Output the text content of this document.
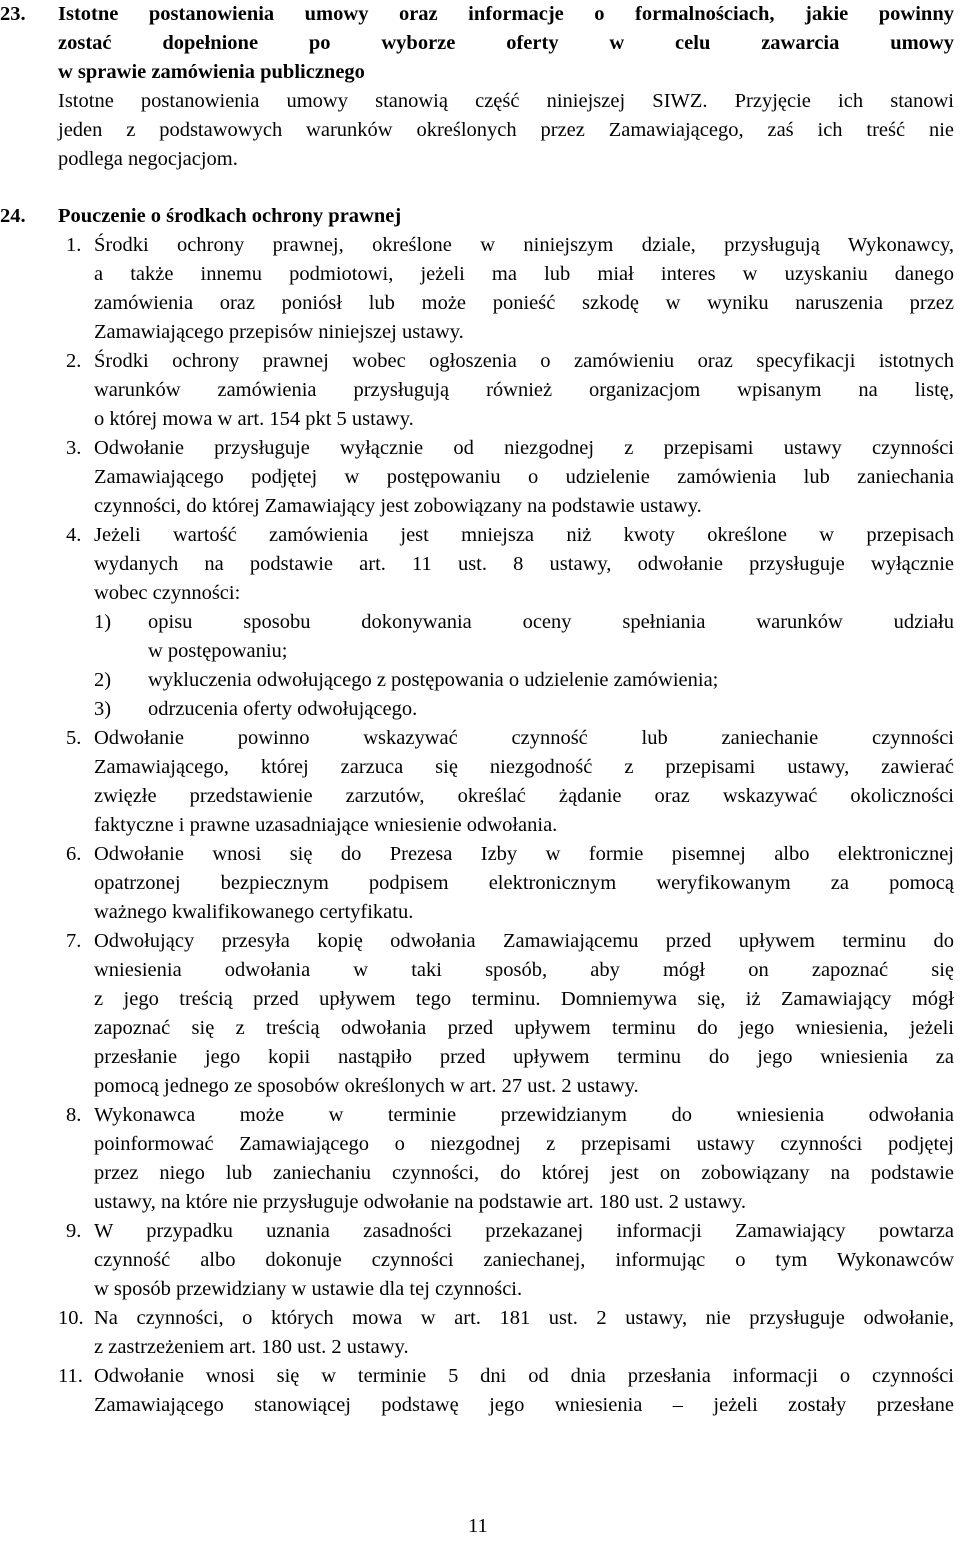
23. Istotne postanowienia umowy oraz informacje o formalnościach, jakie powinny
zostać dopełnione po wyborze oferty w celu zawarcia umowy
w sprawie zamówienia publicznego
Istotne postanowienia umowy stanowią część niniejszej SIWZ. Przyjęcie ich stanowi
jeden z podstawowych warunków określonych przez Zamawiającego, zaś ich treść nie
podlega negocjacjom.
24. Pouczenie o środkach ochrony prawnej
1. Środki ochrony prawnej, określone w niniejszym dziale, przysługują Wykonawcy,
a także innemu podmiotowi, jeżeli ma lub miał interes w uzyskaniu danego
zamówienia oraz poniósł lub może ponieść szkodę w wyniku naruszenia przez
Zamawiającego przepisów niniejszej ustawy.
2. Środki ochrony prawnej wobec ogłoszenia o zamówieniu oraz specyfikacji istotnych
warunków zamówienia przysługują również organizacjom wpisanym na listę,
o której mowa w art. 154 pkt 5 ustawy.
3. Odwołanie przysługuje wyłącznie od niezgodnej z przepisami ustawy czynności
Zamawiającego podjętej w postępowaniu o udzielenie zamówienia lub zaniechania
czynności, do której Zamawiający jest zobowiązany na podstawie ustawy.
4. Jeżeli wartość zamówienia jest mniejsza niż kwoty określone w przepisach
wydanych na podstawie art. 11 ust. 8 ustawy, odwołanie przysługuje wyłącznie
wobec czynności:
1) opisu sposobu dokonywania oceny spełniania warunków udziału
w postępowaniu;
2) wykluczenia odwołującego z postępowania o udzielenie zamówienia;
3) odrzucenia oferty odwołującego.
5. Odwołanie powinno wskazywać czynność lub zaniechanie czynności
Zamawiającego, której zarzuca się niezgodność z przepisami ustawy, zawierać
zwięzłe przedstawienie zarzutów, określać żądanie oraz wskazywać okoliczności
faktyczne i prawne uzasadniające wniesienie odwołania.
6. Odwołanie wnosi się do Prezesa Izby w formie pisemnej albo elektronicznej
opatrzonej bezpiecznym podpisem elektronicznym weryfikowanym za pomocą
ważnego kwalifikowanego certyfikatu.
7. Odwołujący przesyła kopię odwołania Zamawiającemu przed upływem terminu do
wniesienia odwołania w taki sposób, aby mógł on zapoznać się
z jego treścią przed upływem tego terminu. Domniemywa się, iż Zamawiający mógł
zapoznać się z treścią odwołania przed upływem terminu do jego wniesienia, jeżeli
przesłanie jego kopii nastąpiło przed upływem terminu do jego wniesienia za
pomocą jednego ze sposobów określonych w art. 27 ust. 2 ustawy.
8. Wykonawca może w terminie przewidzianym do wniesienia odwołania
poinformować Zamawiającego o niezgodnej z przepisami ustawy czynności podjętej
przez niego lub zaniechaniu czynności, do której jest on zobowiązany na podstawie
ustawy, na które nie przysługuje odwołanie na podstawie art. 180 ust. 2 ustawy.
9. W przypadku uznania zasadności przekazanej informacji Zamawiający powtarza
czynność albo dokonuje czynności zaniechanej, informując o tym Wykonawców
w sposób przewidziany w ustawie dla tej czynności.
10. Na czynności, o których mowa w art. 181 ust. 2 ustawy, nie przysługuje odwołanie,
z zastrzeżeniem art. 180 ust. 2 ustawy.
11. Odwołanie wnosi się w terminie 5 dni od dnia przesłania informacji o czynności
Zamawiającego stanowiącej podstawę jego wniesienia – jeżeli zostały przesłane
11
